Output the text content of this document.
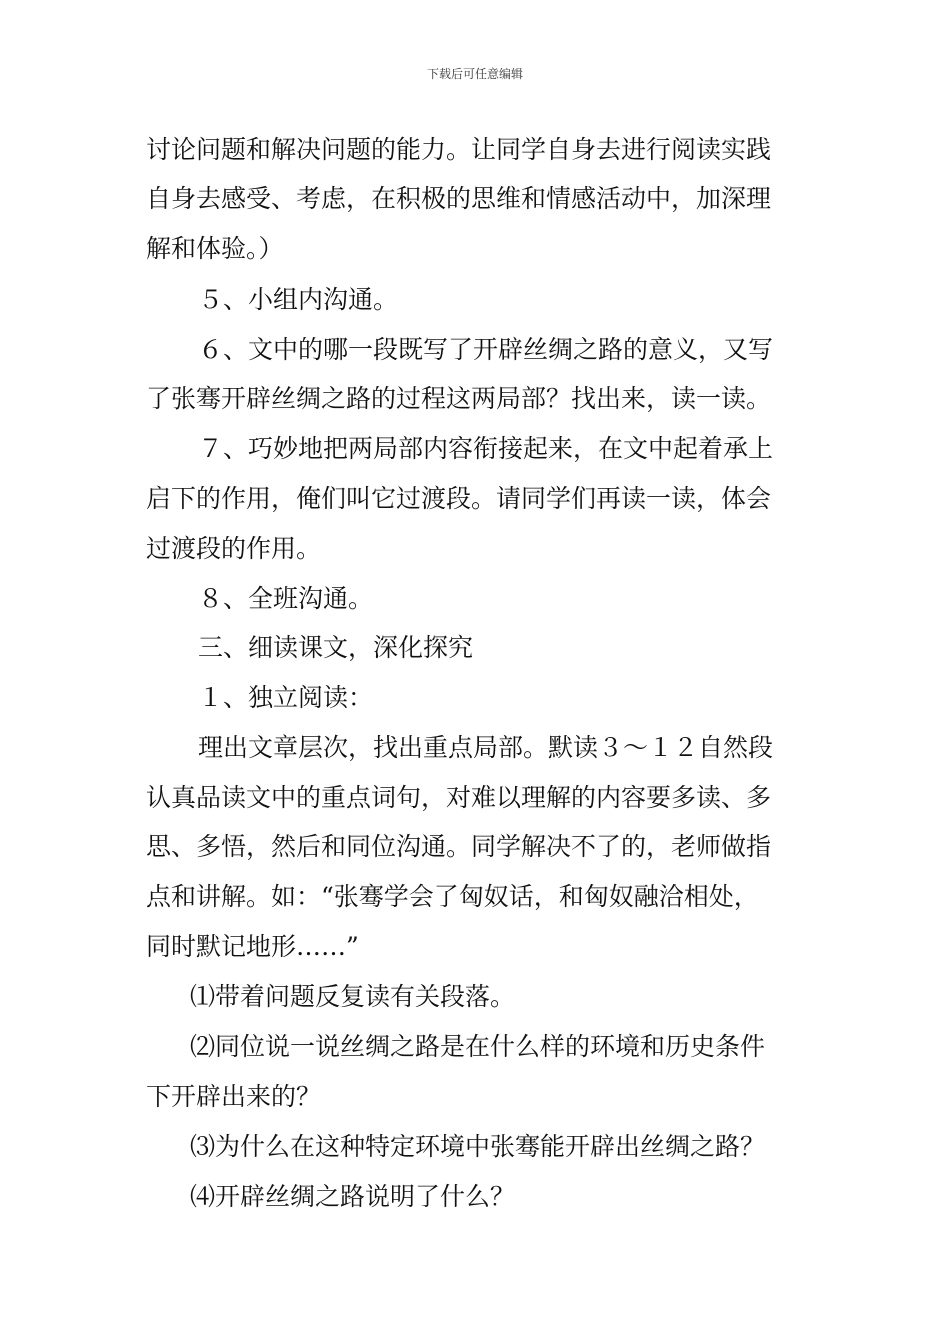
下载后可任意编辑
讨论问题和解决问题的能力。让同学自身去进行阅读实践
自身去感受、考虑，在积极的思维和情感活动中，加深理
解和体验。）
５、小组内沟通。
６、文中的哪一段既写了开辟丝绸之路的意义，又写
了张骞开辟丝绸之路的过程这两局部？找出来，读一读。
７、巧妙地把两局部内容衔接起来，在文中起着承上
启下的作用，俺们叫它过渡段。请同学们再读一读，体会
过渡段的作用。
８、全班沟通。
三、细读课文，深化探究
１、独立阅读：
理出文章层次，找出重点局部。默读３～１２自然段
认真品读文中的重点词句，对难以理解的内容要多读、多
思、多悟，然后和同位沟通。同学解决不了的，老师做指
点和讲解。如：“张骞学会了匈奴话，和匈奴融洽相处，
同时默记地形……”
⑴带着问题反复读有关段落。
⑵同位说一说丝绸之路是在什么样的环境和历史条件
下开辟出来的？
⑶为什么在这种特定环境中张骞能开辟出丝绸之路？
⑷开辟丝绸之路说明了什么？
